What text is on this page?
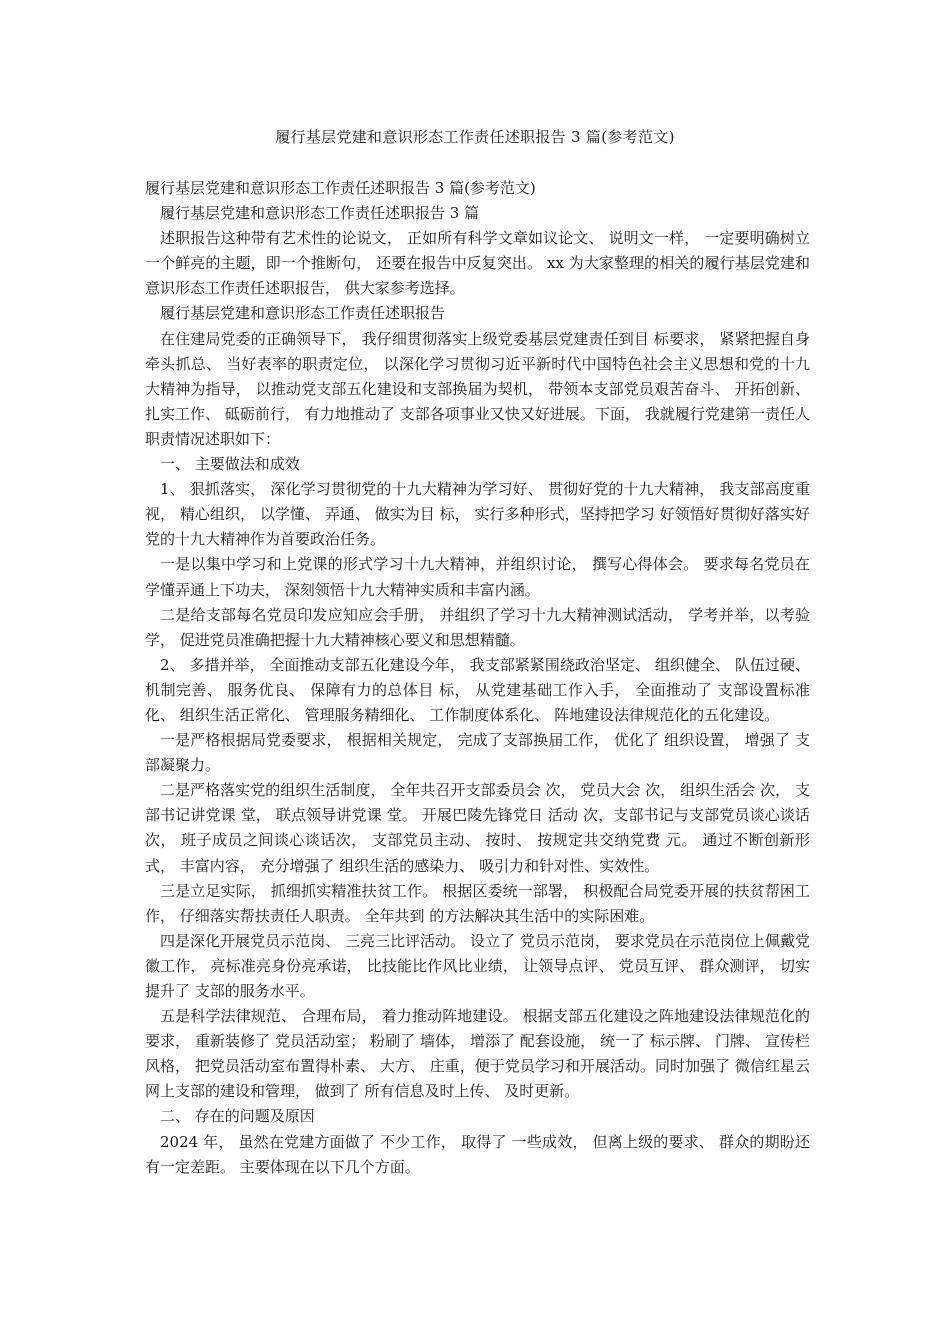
履行基层党建和意识形态工作责任述职报告 3 篇(参考范文)

履行基层党建和意识形态工作责任述职报告 3 篇(参考范文)

履行基层党建和意识形态工作责任述职报告 3 篇

述职报告这种带有艺术性的论说文， 正如所有科学文章如议论文、 说明文一样， 一定要明确树立一个鲜亮的主题，即一个推断句， 还要在报告中反复突出。 xx 为大家整理的相关的履行基层党建和意识形态工作责任述职报告， 供大家参考选择。

履行基层党建和意识形态工作责任述职报告

在住建局党委的正确领导下， 我仔细贯彻落实上级党委基层党建责任到目 标要求， 紧紧把握自身牵头抓总、 当好表率的职责定位， 以深化学习贯彻习近平新时代中国特色社会主义思想和党的十九大精神为指导， 以推动党支部五化建设和支部换届为契机， 带领本支部党员艰苦奋斗、 开拓创新、 扎实工作、 砥砺前行， 有力地推动了 支部各项事业又快又好进展。下面， 我就履行党建第一责任人职责情况述职如下：

一、 主要做法和成效

1、 狠抓落实， 深化学习贯彻党的十九大精神为学习好、 贯彻好党的十九大精神， 我支部高度重视， 精心组织， 以学懂、 弄通、 做实为目 标， 实行多种形式，坚持把学习 好领悟好贯彻好落实好党的十九大精神作为首要政治任务。

一是以集中学习和上党课的形式学习十九大精神，并组织讨论， 撰写心得体会。 要求每名党员在学懂弄通上下功夫， 深刻领悟十九大精神实质和丰富内涵。

二是给支部每名党员印发应知应会手册， 并组织了学习十九大精神测试活动， 学考并举，以考验学， 促进党员准确把握十九大精神核心要义和思想精髓。

2、 多措并举， 全面推动支部五化建设今年， 我支部紧紧围绕政治坚定、 组织健全、 队伍过硬、 机制完善、 服务优良、 保障有力的总体目 标， 从党建基础工作入手， 全面推动了 支部设置标准化、 组织生活正常化、 管理服务精细化、 工作制度体系化、 阵地建设法律规范化的五化建设。

一是严格根据局党委要求， 根据相关规定， 完成了支部换届工作， 优化了 组织设置， 增强了 支部凝聚力。

二是严格落实党的组织生活制度， 全年共召开支部委员会 次， 党员大会 次， 组织生活会 次， 支部书记讲党课 堂， 联点领导讲党课 堂。 开展巴陵先锋党日 活动 次，支部书记与支部党员谈心谈话 次， 班子成员之间谈心谈话次， 支部党员主动、 按时、 按规定共交纳党费 元。 通过不断创新形式， 丰富内容， 充分增强了 组织生活的感染力、 吸引力和针对性、实效性。

三是立足实际， 抓细抓实精准扶贫工作。 根据区委统一部署， 积极配合局党委开展的扶贫帮困工作， 仔细落实帮扶责任人职责。 全年共到 的方法解决其生活中的实际困难。

四是深化开展党员示范岗、 三亮三比评活动。 设立了 党员示范岗， 要求党员在示范岗位上佩戴党徽工作， 亮标准亮身份亮承诺， 比技能比作风比业绩， 让领导点评、 党员互评、 群众测评， 切实提升了 支部的服务水平。

五是科学法律规范、 合理布局， 着力推动阵地建设。 根据支部五化建设之阵地建设法律规范化的要求， 重新装修了 党员活动室； 粉刷了 墙体， 增添了 配套设施， 统一了 标示牌、 门牌、 宣传栏风格， 把党员活动室布置得朴素、 大方、 庄重，便于党员学习和开展活动。同时加强了 微信红星云网上支部的建设和管理， 做到了 所有信息及时上传、 及时更新。

二、 存在的问题及原因

2024 年， 虽然在党建方面做了 不少工作， 取得了 一些成效， 但离上级的要求、 群众的期盼还有一定差距。 主要体现在以下几个方面。
